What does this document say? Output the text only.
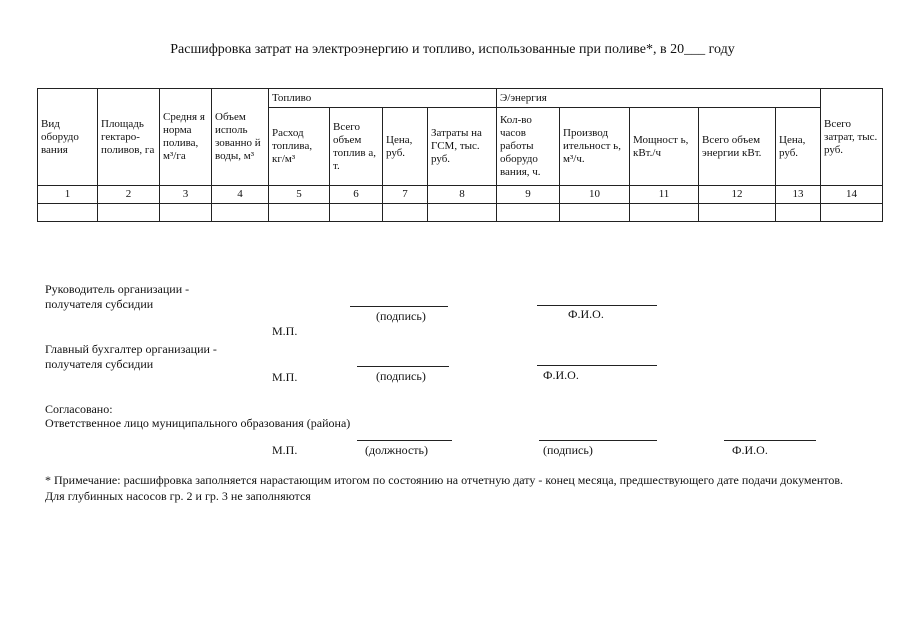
Расшифровка затрат на электроэнергию и топливо, использованные при поливе*, в 20___ году
Вид оборудо вания	Площадь гектаро-поливов, га	Средня я норма полива, м³/га	Объем исполь зованно й воды, м³	Топливо				Э/энергия					Всего затрат, тыс. руб.
				Расход топлива, кг/м³	Всего объем топлив а, т.	Цена, руб.	Затраты на ГСМ, тыс. руб.	Кол-во часов работы оборудо вания, ч.	Производ ительност ь, м³/ч.	Мощност ь, кВт./ч	Всего объем энергии кВт.	Цена, руб.	
1	2	3	4	5	6	7	8	9	10	11	12	13	14

Руководитель организации -
получателя субсидии
(подпись)	Ф.И.О.
М.П.
Главный бухгалтер организации -
получателя субсидии
М.П.	(подпись)	Ф.И.О.
Согласовано:
Ответственное лицо муниципального образования (района)
М.П.	(должность)	(подпись)	Ф.И.О.
* Примечание: расшифровка заполняется нарастающим итогом по состоянию на отчетную дату - конец месяца, предшествующего дате подачи документов. Для глубинных насосов гр. 2 и гр. 3 не заполняются
